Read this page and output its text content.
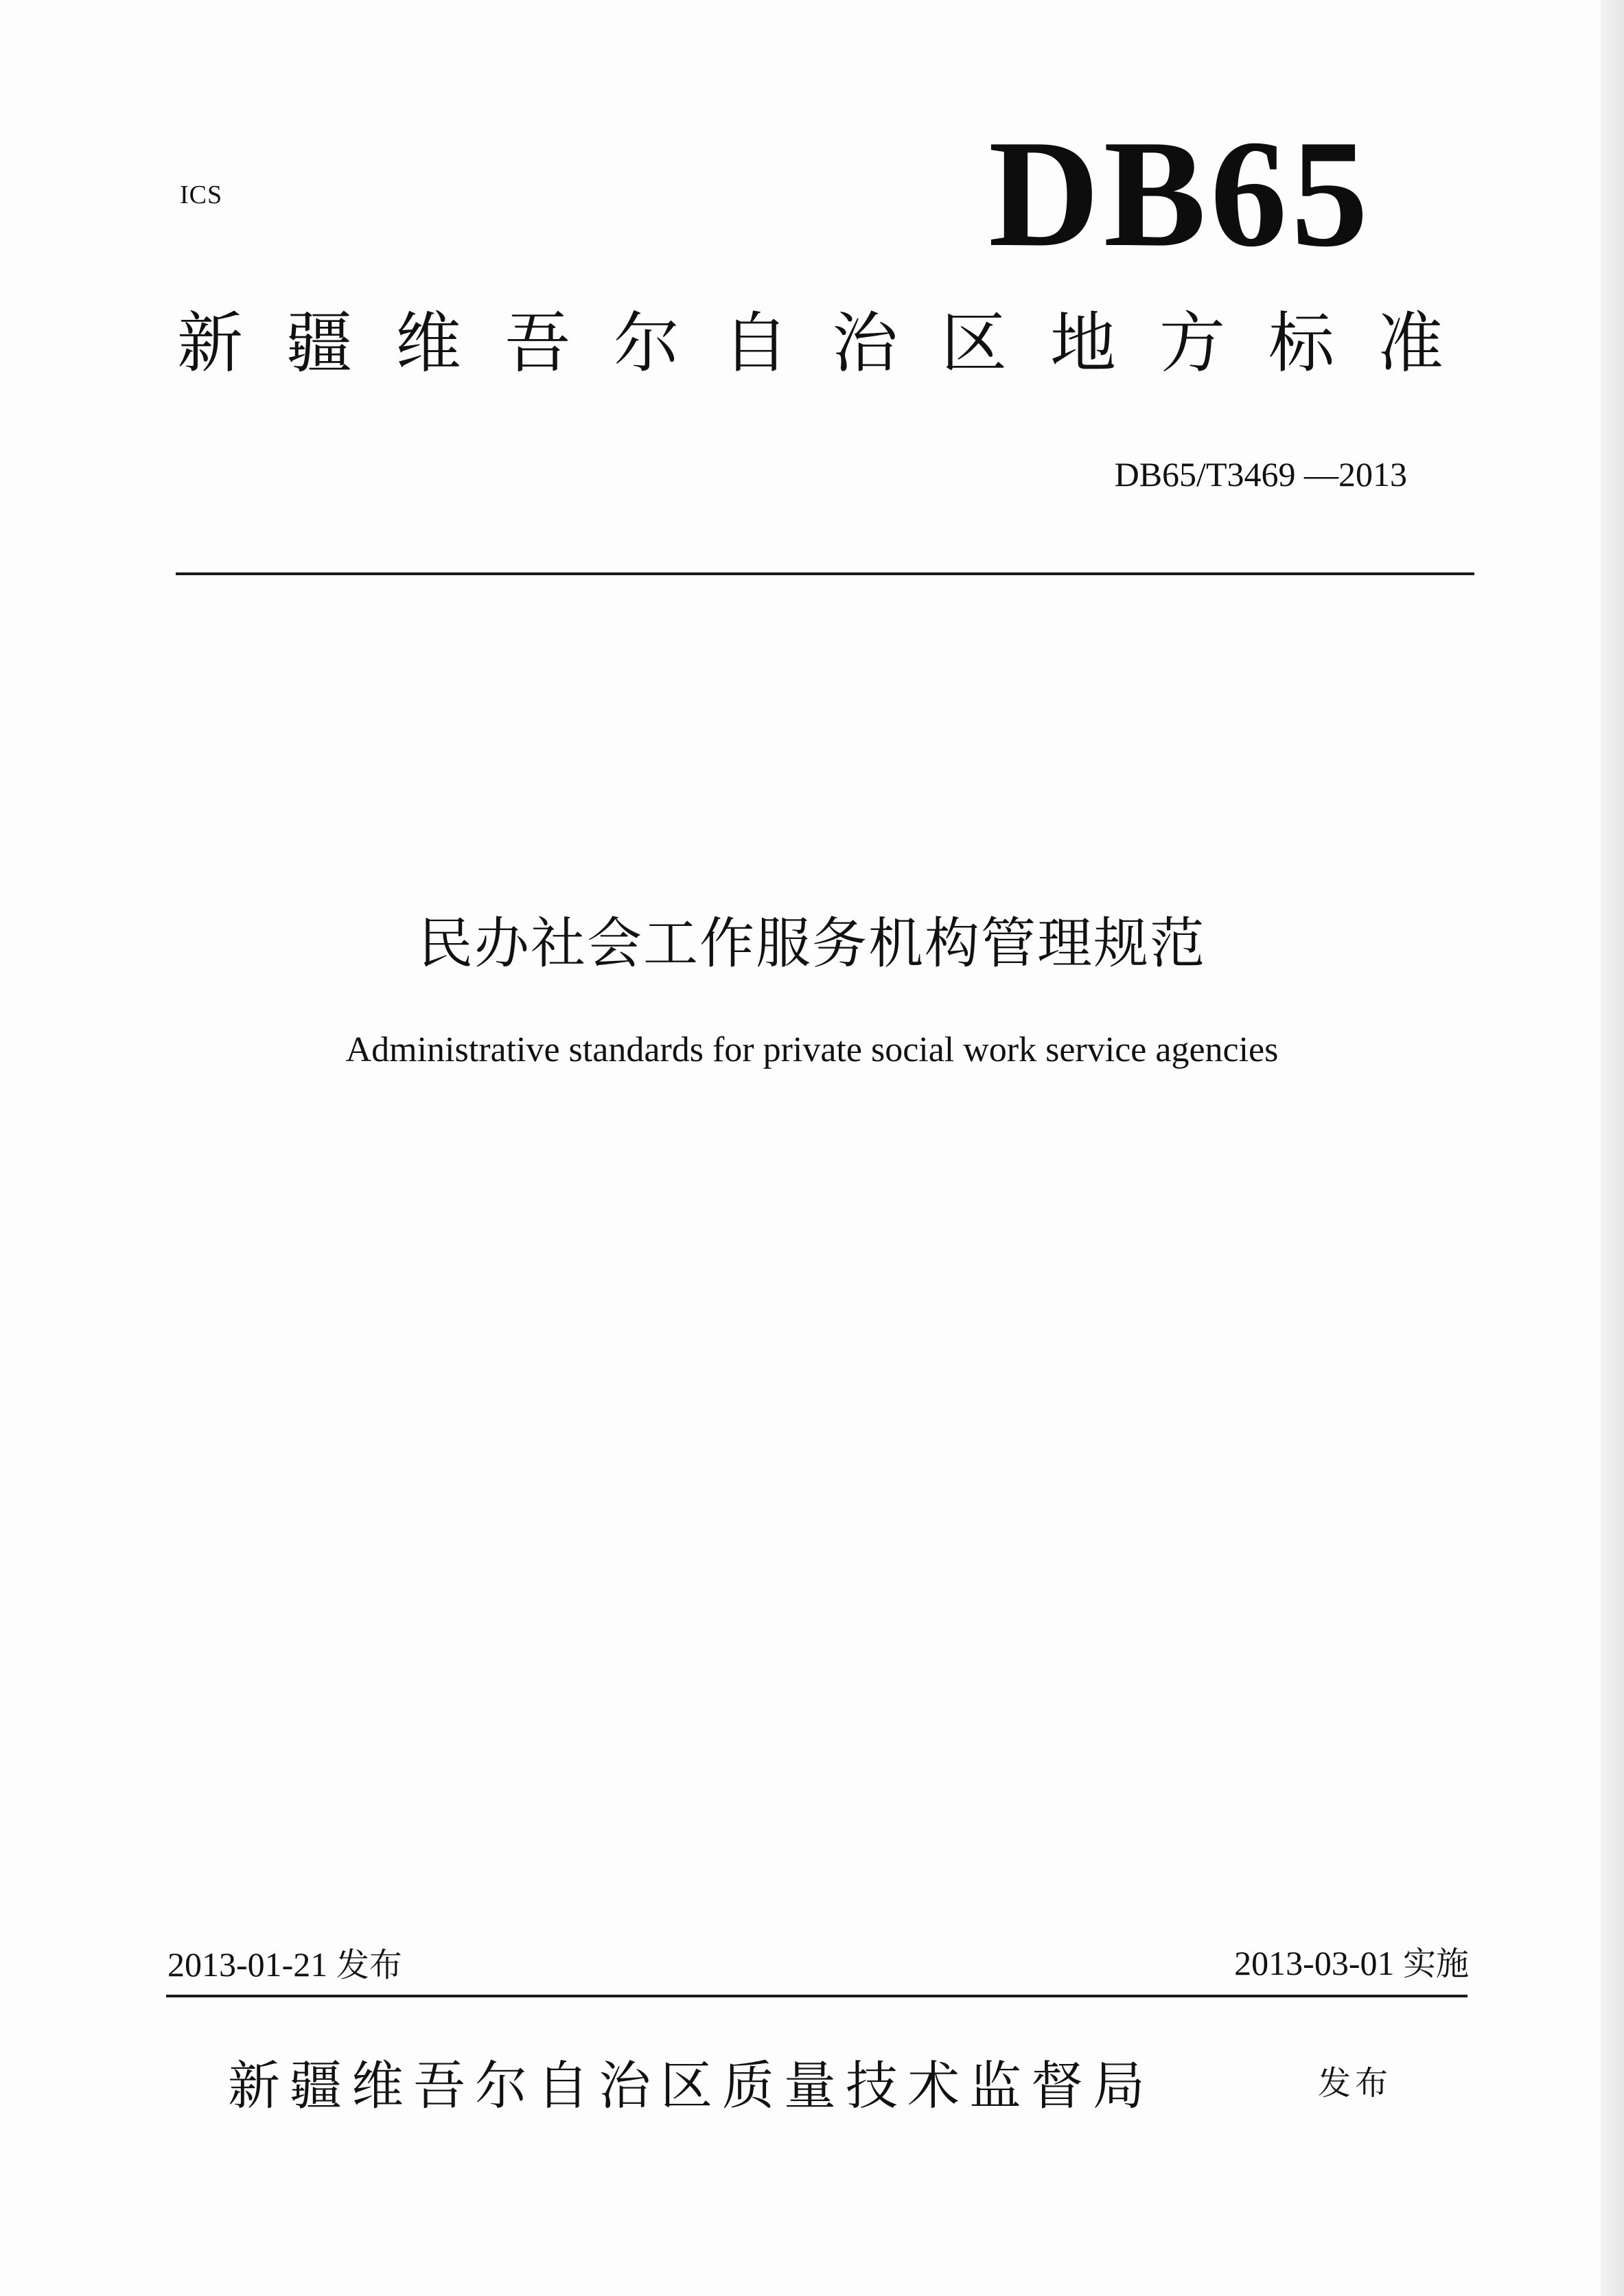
ICS	DB65
新疆维吾尔自治区地方标准
DB65/T3469 —2013
民办社会工作服务机构管理规范
Administrative standards for private social work service agencies
2013-01-21 发布	2013-03-01 实施
新疆维吾尔自治区质量技术监督局	发布
